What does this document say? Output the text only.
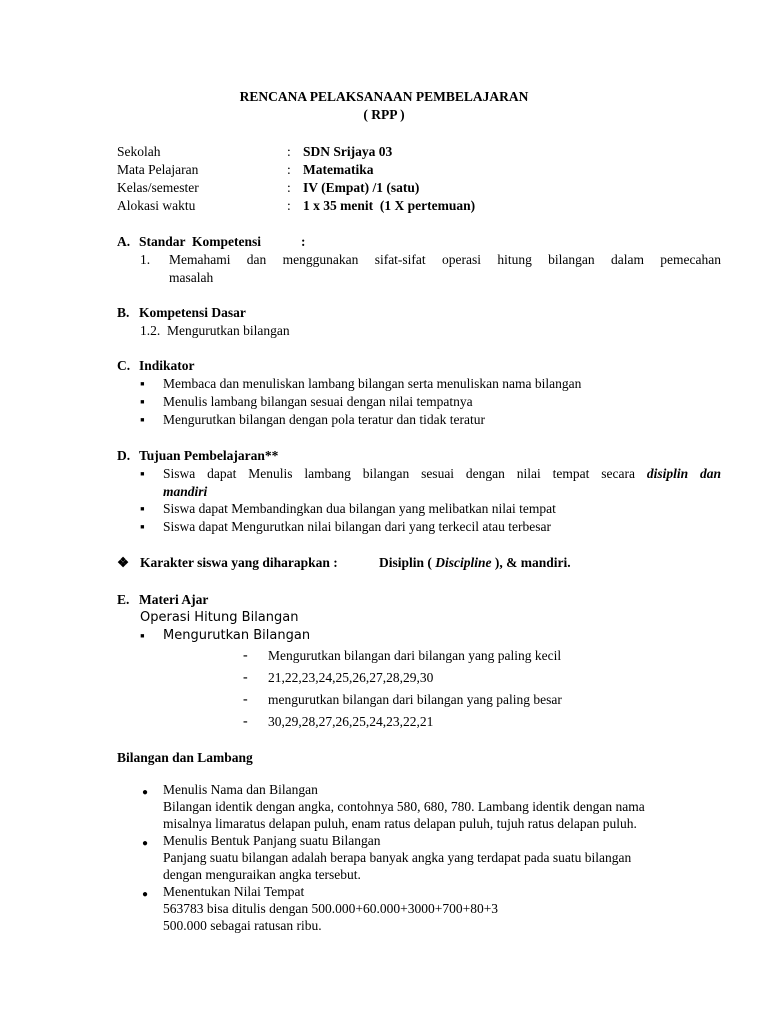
RENCANA PELAKSANAAN PEMBELAJARAN
( RPP )
Sekolah	: SDN Srijaya 03
Mata Pelajaran	: Matematika
Kelas/semester	: IV (Empat) /1 (satu)
Alokasi waktu	: 1 x 35 menit  (1 X pertemuan)
A. Standar  Kompetensi	:
1. Memahami dan menggunakan sifat-sifat operasi hitung bilangan dalam pemecahan
masalah
B. Kompetensi Dasar
1.2.  Mengurutkan bilangan
C. Indikator
▪ Membaca dan menuliskan lambang bilangan serta menuliskan nama bilangan
▪ Menulis lambang bilangan sesuai dengan nilai tempatnya
▪ Mengurutkan bilangan dengan pola teratur dan tidak teratur
D. Tujuan Pembelajaran**
▪ Siswa dapat Menulis lambang bilangan sesuai dengan nilai tempat secara disiplin dan
mandiri
▪ Siswa dapat Membandingkan dua bilangan yang melibatkan nilai tempat
▪ Siswa dapat Mengurutkan nilai bilangan dari yang terkecil atau terbesar
❖ Karakter siswa yang diharapkan :	Disiplin ( Discipline ), & mandiri.
E. Materi Ajar
Operasi Hitung Bilangan
▪ Mengurutkan Bilangan
- Mengurutkan bilangan dari bilangan yang paling kecil
- 21,22,23,24,25,26,27,28,29,30
- mengurutkan bilangan dari bilangan yang paling besar
- 30,29,28,27,26,25,24,23,22,21
Bilangan dan Lambang
● Menulis Nama dan Bilangan
Bilangan identik dengan angka, contohnya 580, 680, 780. Lambang identik dengan nama
misalnya limaratus delapan puluh, enam ratus delapan puluh, tujuh ratus delapan puluh.
● Menulis Bentuk Panjang suatu Bilangan
Panjang suatu bilangan adalah berapa banyak angka yang terdapat pada suatu bilangan
dengan menguraikan angka tersebut.
● Menentukan Nilai Tempat
563783 bisa ditulis dengan 500.000+60.000+3000+700+80+3
500.000 sebagai ratusan ribu.
